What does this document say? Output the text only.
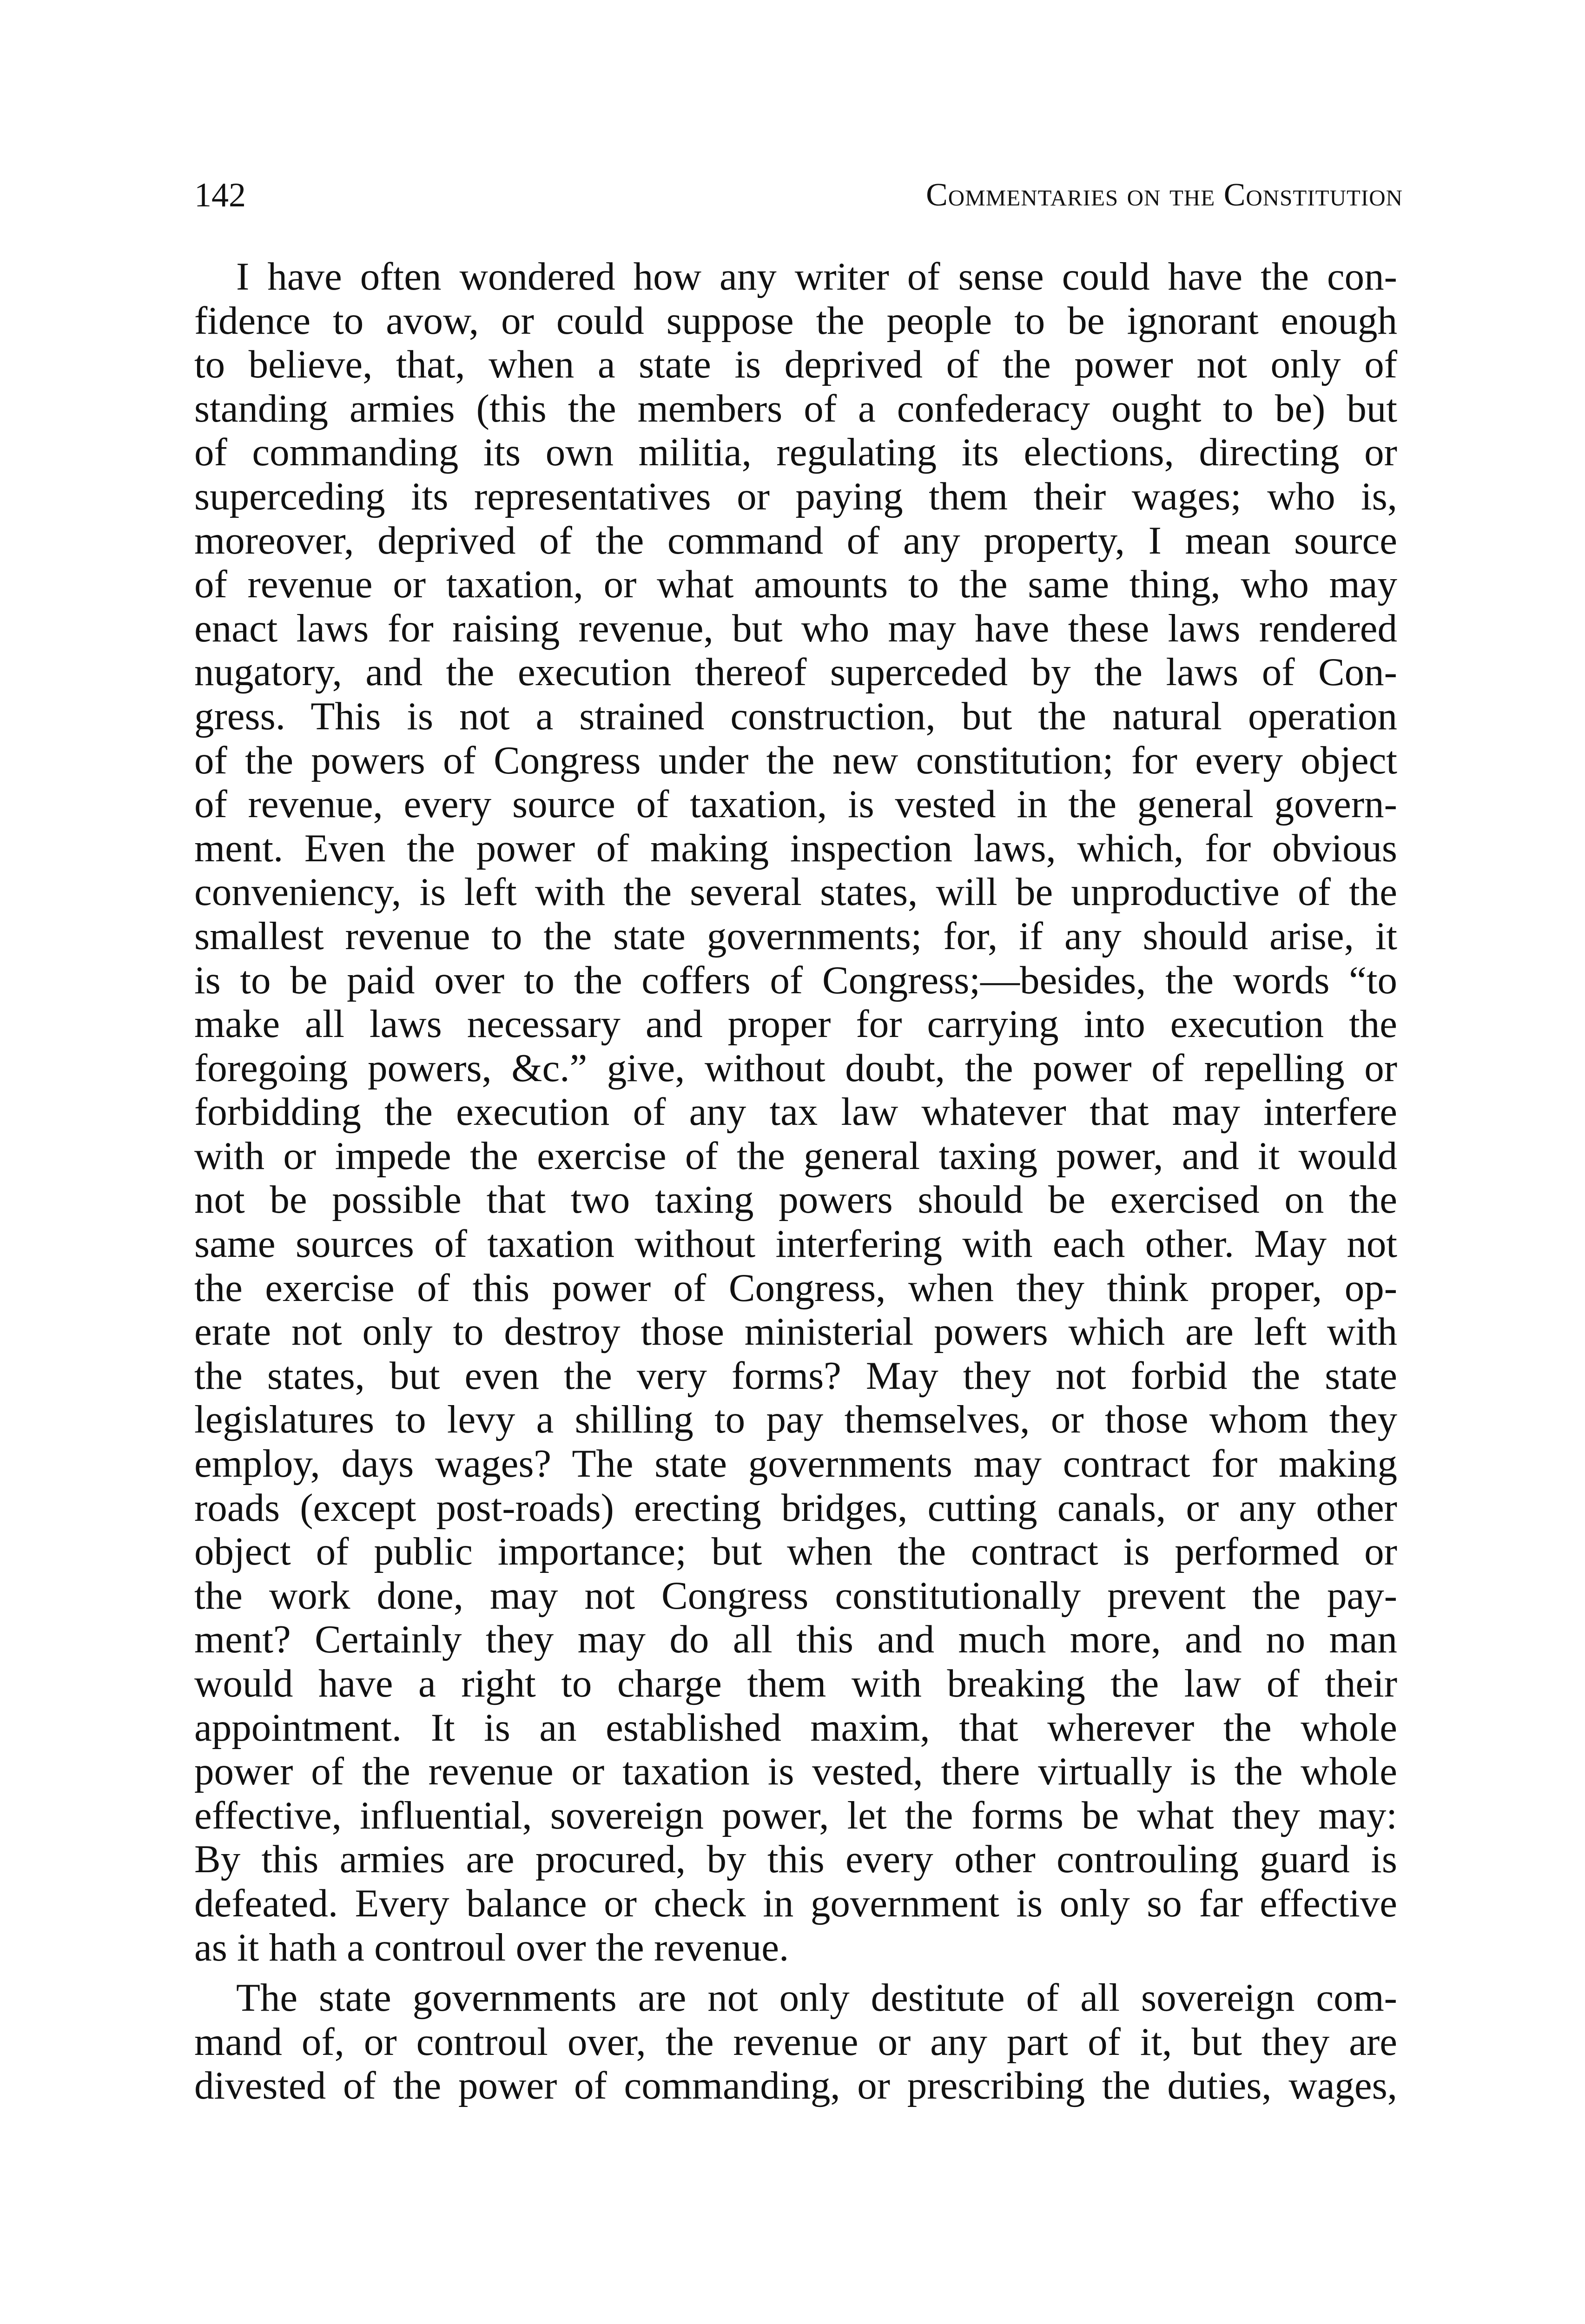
142	Commentaries on the Constitution
I have often wondered how any writer of sense could have the con-
fidence to avow, or could suppose the people to be ignorant enough
to believe, that, when a state is deprived of the power not only of
standing armies (this the members of a confederacy ought to be) but
of commanding its own militia, regulating its elections, directing or
superceding its representatives or paying them their wages; who is,
moreover, deprived of the command of any property, I mean source
of revenue or taxation, or what amounts to the same thing, who may
enact laws for raising revenue, but who may have these laws rendered
nugatory, and the execution thereof superceded by the laws of Con-
gress. This is not a strained construction, but the natural operation
of the powers of Congress under the new constitution; for every object
of revenue, every source of taxation, is vested in the general govern-
ment. Even the power of making inspection laws, which, for obvious
conveniency, is left with the several states, will be unproductive of the
smallest revenue to the state governments; for, if any should arise, it
is to be paid over to the coffers of Congress;—besides, the words “to
make all laws necessary and proper for carrying into execution the
foregoing powers, &c.” give, without doubt, the power of repelling or
forbidding the execution of any tax law whatever that may interfere
with or impede the exercise of the general taxing power, and it would
not be possible that two taxing powers should be exercised on the
same sources of taxation without interfering with each other. May not
the exercise of this power of Congress, when they think proper, op-
erate not only to destroy those ministerial powers which are left with
the states, but even the very forms? May they not forbid the state
legislatures to levy a shilling to pay themselves, or those whom they
employ, days wages? The state governments may contract for making
roads (except post-roads) erecting bridges, cutting canals, or any other
object of public importance; but when the contract is performed or
the work done, may not Congress constitutionally prevent the pay-
ment? Certainly they may do all this and much more, and no man
would have a right to charge them with breaking the law of their
appointment. It is an established maxim, that wherever the whole
power of the revenue or taxation is vested, there virtually is the whole
effective, influential, sovereign power, let the forms be what they may:
By this armies are procured, by this every other controuling guard is
defeated. Every balance or check in government is only so far effective
as it hath a controul over the revenue.
The state governments are not only destitute of all sovereign com-
mand of, or controul over, the revenue or any part of it, but they are
divested of the power of commanding, or prescribing the duties, wages,
